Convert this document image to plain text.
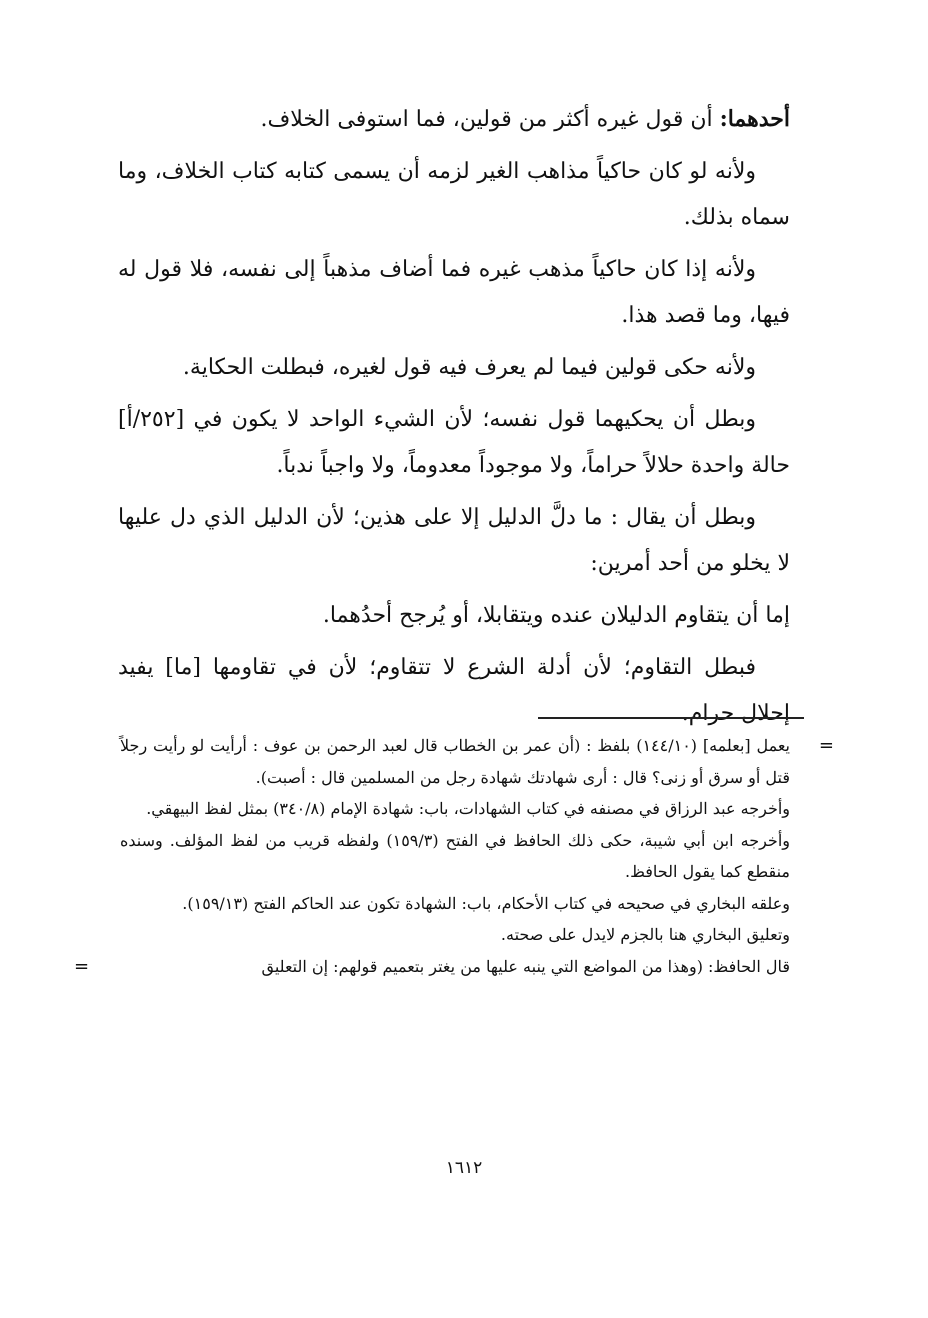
أحدهما: أن قول غيره أكثر من قولين، فما استوفى الخلاف.

ولأنه لو كان حاكياً مذاهب الغير لزمه أن يسمى كتابه كتاب الخلاف، وما سماه بذلك.

ولأنه إذا كان حاكياً مذهب غيره فما أضاف مذهباً إلى نفسه، فلا قول له فيها، وما قصد هذا.

ولأنه حكى قولين فيما لم يعرف فيه قول لغيره، فبطلت الحكاية.

وبطل أن يحكيهما قول نفسه؛ لأن الشيء الواحد لا يكون في [٢٥٢/أ] حالة واحدة حلالاً حراماً، ولا موجوداً معدوماً، ولا واجباً ندباً.

وبطل أن يقال : ما دلَّ الدليل إلا على هذين؛ لأن الدليل الذي دل عليها لا يخلو من أحد أمرين:

إما أن يتقاوم الدليلان عنده ويتقابلا، أو يُرجح أحدُهما.

فبطل التقاوم؛ لأن أدلة الشرع لا تتقاوم؛ لأن في تقاومها [ما] يفيد إحلال حرام.

=
يعمل [بعلمه] (١٤٤/١٠) بلفظ : (أن عمر بن الخطاب قال لعبد الرحمن بن عوف : أرأيت لو رأيت رجلاً قتل أو سرق أو زنى؟ قال : أرى شهادتك شهادة رجل من المسلمين قال : أصبت).

وأخرجه عبد الرزاق في مصنفه في كتاب الشهادات، باب: شهادة الإمام (٣٤٠/٨) بمثل لفظ البيهقي.

وأخرجه ابن أبي شيبة، حكى ذلك الحافظ في الفتح (١٥٩/٣) ولفظه قريب من لفظ المؤلف. وسنده منقطع كما يقول الحافظ.

وعلقه البخاري في صحيحه في كتاب الأحكام، باب: الشهادة تكون عند الحاكم الفتح (١٥٩/١٣).

وتعليق البخاري هنا بالجزم لايدل على صحته.

قال الحافظ: (وهذا من المواضع التي ينبه عليها من يغتر بتعميم قولهم: إن التعليق
=

١٦١٢
